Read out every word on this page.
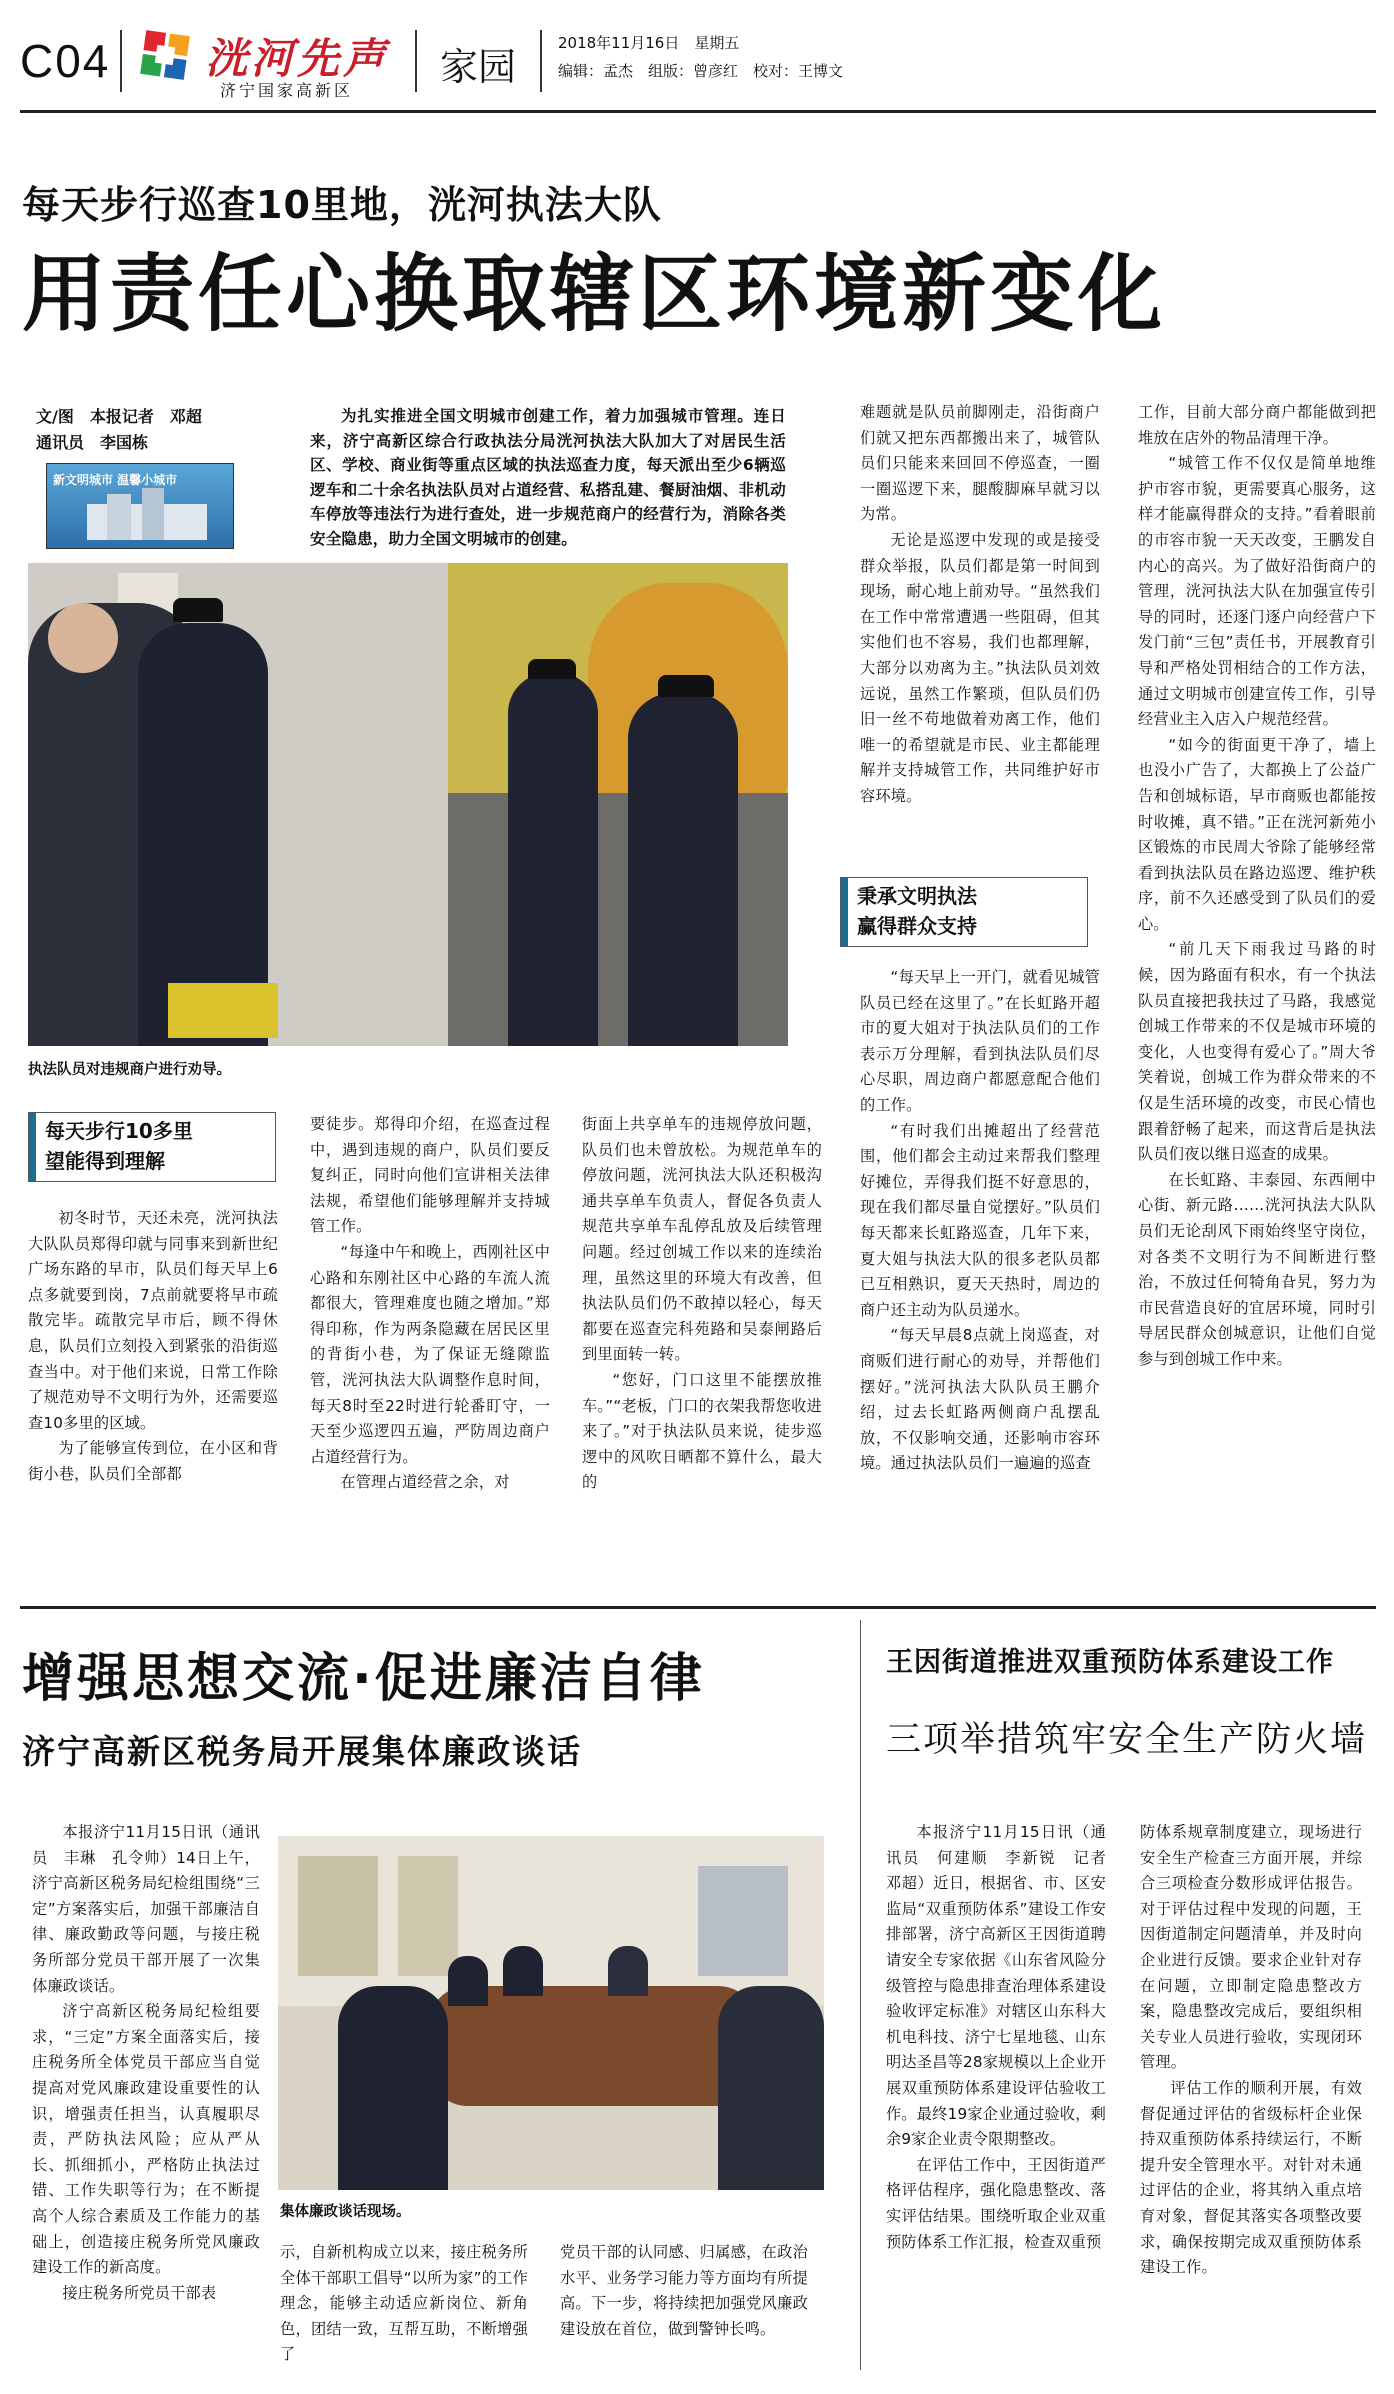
C04 洸河先声
济宁国家高新区
家园
2018年11月16日　 星期五
编辑：孟杰　组版：曾彦红　校对：王博文
每天步行巡查10里地，洸河执法大队
用责任心换取辖区环境新变化
文/图　本报记者　邓超
通讯员　李国栋
新文明城市 温馨小城市

为扎实推进全国文明城市创建工作，着力加强城市管理。连日来，济宁高新区综合行政执法分局洸河执法大队加大了对居民生活区、学校、商业街等重点区域的执法巡查力度，每天派出至少6辆巡逻车和二十余名执法队员对占道经营、私搭乱建、餐厨油烟、非机动车停放等违法行为进行查处，进一步规范商户的经营行为，消除各类安全隐患，助力全国文明城市的创建。

执法队员对违规商户进行劝导。
每天步行10多里
望能得到理解

初冬时节，天还未亮，洸河执法大队队员郑得印就与同事来到新世纪广场东路的早市，队员们每天早上6点多就要到岗，7点前就要将早市疏散完毕。疏散完早市后，顾不得休息，队员们立刻投入到紧张的沿街巡查当中。对于他们来说，日常工作除了规范劝导不文明行为外，还需要巡查10多里的区域。

为了能够宣传到位，在小区和背街小巷，队员们全部都

要徒步。郑得印介绍，在巡查过程中，遇到违规的商户，队员们要反复纠正，同时向他们宣讲相关法律法规，希望他们能够理解并支持城管工作。

“每逢中午和晚上，西刚社区中心路和东刚社区中心路的车流人流都很大，管理难度也随之增加。”郑得印称，作为两条隐藏在居民区里的背街小巷，为了保证无缝隙监管，洸河执法大队调整作息时间，每天8时至22时进行轮番盯守，一天至少巡逻四五遍，严防周边商户占道经营行为。

在管理占道经营之余，对

街面上共享单车的违规停放问题，队员们也未曾放松。为规范单车的停放问题，洸河执法大队还积极沟通共享单车负责人，督促各负责人规范共享单车乱停乱放及后续管理问题。经过创城工作以来的连续治理，虽然这里的环境大有改善，但执法队员们仍不敢掉以轻心，每天都要在巡查完科苑路和吴泰闸路后到里面转一转。

“您好，门口这里不能摆放推车。”“老板，门口的衣架我帮您收进来了。”对于执法队员来说，徒步巡逻中的风吹日晒都不算什么，最大的

难题就是队员前脚刚走，沿街商户们就又把东西都搬出来了，城管队员们只能来来回回不停巡查，一圈一圈巡逻下来，腿酸脚麻早就习以为常。

无论是巡逻中发现的或是接受群众举报，队员们都是第一时间到现场，耐心地上前劝导。“虽然我们在工作中常常遭遇一些阻碍，但其实他们也不容易，我们也都理解，大部分以劝离为主。”执法队员刘效远说，虽然工作繁琐，但队员们仍旧一丝不苟地做着劝离工作，他们唯一的希望就是市民、业主都能理解并支持城管工作，共同维护好市容环境。

秉承文明执法
赢得群众支持

“每天早上一开门，就看见城管队员已经在这里了。”在长虹路开超市的夏大姐对于执法队员们的工作表示万分理解，看到执法队员们尽心尽职，周边商户都愿意配合他们的工作。

“有时我们出摊超出了经营范围，他们都会主动过来帮我们整理好摊位，弄得我们挺不好意思的，现在我们都尽量自觉摆好。”队员们每天都来长虹路巡查，几年下来，夏大姐与执法大队的很多老队员都已互相熟识，夏天天热时，周边的商户还主动为队员递水。

“每天早晨8点就上岗巡查，对商贩们进行耐心的劝导，并帮他们摆好。”洸河执法大队队员王鹏介绍，过去长虹路两侧商户乱摆乱放，不仅影响交通，还影响市容环境。通过执法队员们一遍遍的巡查

工作，目前大部分商户都能做到把堆放在店外的物品清理干净。

“城管工作不仅仅是简单地维护市容市貌，更需要真心服务，这样才能赢得群众的支持。”看着眼前的市容市貌一天天改变，王鹏发自内心的高兴。为了做好沿街商户的管理，洸河执法大队在加强宣传引导的同时，还逐门逐户向经营户下发门前“三包”责任书，开展教育引导和严格处罚相结合的工作方法，通过文明城市创建宣传工作，引导经营业主入店入户规范经营。

“如今的街面更干净了，墙上也没小广告了，大都换上了公益广告和创城标语，早市商贩也都能按时收摊，真不错。”正在洸河新苑小区锻炼的市民周大爷除了能够经常看到执法队员在路边巡逻、维护秩序，前不久还感受到了队员们的爱心。

“前几天下雨我过马路的时候，因为路面有积水，有一个执法队员直接把我扶过了马路，我感觉创城工作带来的不仅是城市环境的变化，人也变得有爱心了。”周大爷笑着说，创城工作为群众带来的不仅是生活环境的改变，市民心情也跟着舒畅了起来，而这背后是执法队员们夜以继日巡查的成果。

在长虹路、丰泰园、东西闸中心街、新元路……洸河执法大队队员们无论刮风下雨始终坚守岗位，对各类不文明行为不间断进行整治，不放过任何犄角旮旯，努力为市民营造良好的宜居环境，同时引导居民群众创城意识，让他们自觉参与到创城工作中来。

增强思想交流·促进廉洁自律
济宁高新区税务局开展集体廉政谈话

本报济宁11月15日讯（通讯员　丰琳　孔令帅）14日上午，济宁高新区税务局纪检组围绕“三定”方案落实后，加强干部廉洁自律、廉政勤政等问题，与接庄税务所部分党员干部开展了一次集体廉政谈话。

济宁高新区税务局纪检组要求，“三定”方案全面落实后，接庄税务所全体党员干部应当自觉提高对党风廉政建设重要性的认识，增强责任担当，认真履职尽责，严防执法风险；应从严从长、抓细抓小，严格防止执法过错、工作失职等行为；在不断提高个人综合素质及工作能力的基础上，创造接庄税务所党风廉政建设工作的新高度。

接庄税务所党员干部表

集体廉政谈话现场。

示，自新机构成立以来，接庄税务所全体干部职工倡导“以所为家”的工作理念，能够主动适应新岗位、新角色，团结一致，互帮互助，不断增强了

党员干部的认同感、归属感，在政治水平、业务学习能力等方面均有所提高。下一步，将持续把加强党风廉政建设放在首位，做到警钟长鸣。

王因街道推进双重预防体系建设工作
三项举措筑牢安全生产防火墙

本报济宁11月15日讯（通讯员　何建顺　李新锐　记者　邓超）近日，根据省、市、区安监局“双重预防体系”建设工作安排部署，济宁高新区王因街道聘请安全专家依据《山东省风险分级管控与隐患排查治理体系建设验收评定标准》对辖区山东科大机电科技、济宁七星地毯、山东明达圣昌等28家规模以上企业开展双重预防体系建设评估验收工作。最终19家企业通过验收，剩余9家企业责令限期整改。

在评估工作中，王因街道严格评估程序，强化隐患整改、落实评估结果。围绕听取企业双重预防体系工作汇报，检查双重预

防体系规章制度建立，现场进行安全生产检查三方面开展，并综合三项检查分数形成评估报告。对于评估过程中发现的问题，王因街道制定问题清单，并及时向企业进行反馈。要求企业针对存在问题，立即制定隐患整改方案，隐患整改完成后，要组织相关专业人员进行验收，实现闭环管理。

评估工作的顺利开展，有效督促通过评估的省级标杆企业保持双重预防体系持续运行，不断提升安全管理水平。对针对未通过评估的企业，将其纳入重点培育对象，督促其落实各项整改要求，确保按期完成双重预防体系建设工作。
